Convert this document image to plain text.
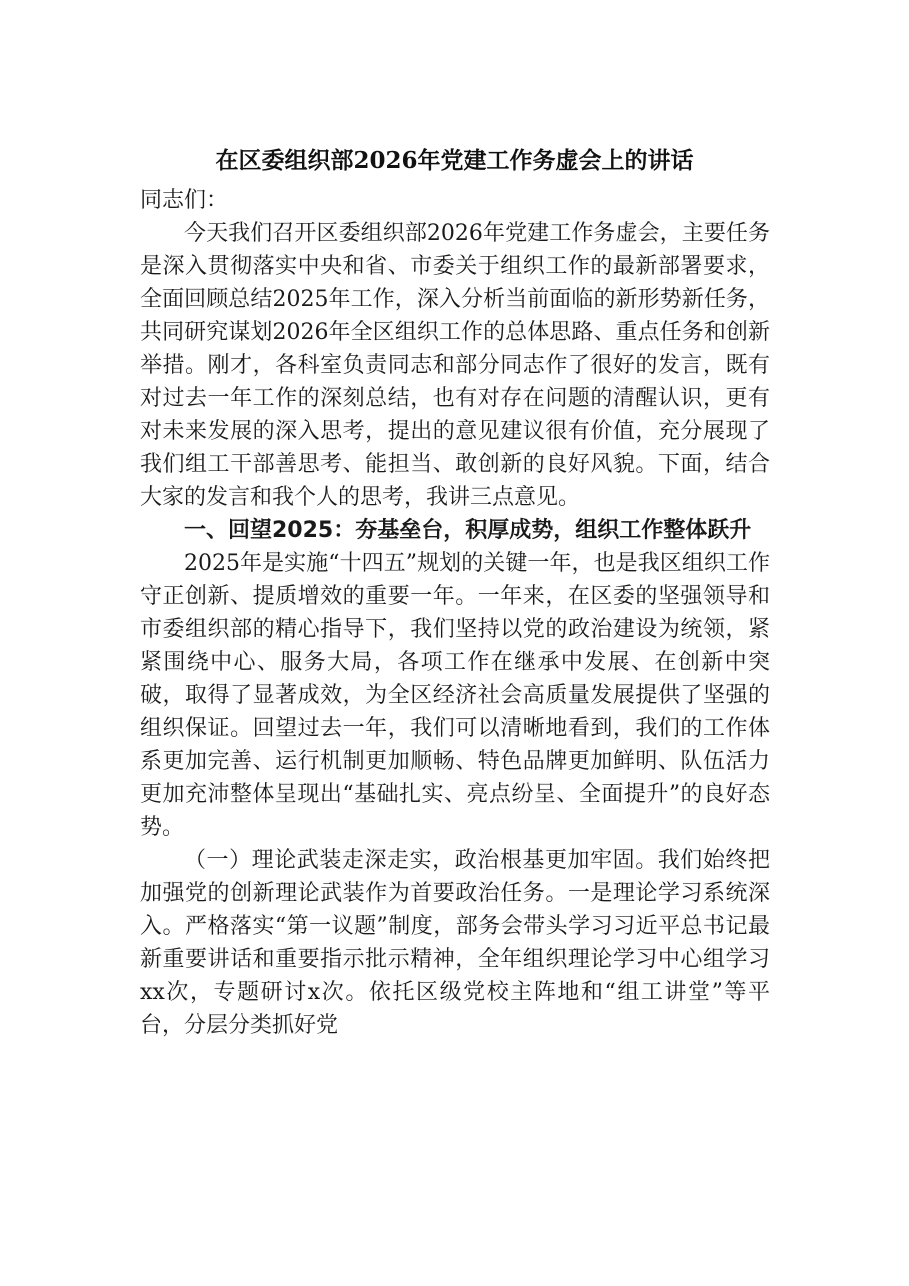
在区委组织部2026年党建工作务虚会上的讲话

同志们：

今天我们召开区委组织部2026年党建工作务虚会，主要任务是深入贯彻落实中央和省、市委关于组织工作的最新部署要求，全面回顾总结2025年工作，深入分析当前面临的新形势新任务，共同研究谋划2026年全区组织工作的总体思路、重点任务和创新举措。刚才，各科室负责同志和部分同志作了很好的发言，既有对过去一年工作的深刻总结，也有对存在问题的清醒认识，更有对未来发展的深入思考，提出的意见建议很有价值，充分展现了我们组工干部善思考、能担当、敢创新的良好风貌。下面，结合大家的发言和我个人的思考，我讲三点意见。

一、回望2025：夯基垒台，积厚成势，组织工作整体跃升

2025年是实施“十四五”规划的关键一年，也是我区组织工作守正创新、提质增效的重要一年。一年来，在区委的坚强领导和市委组织部的精心指导下，我们坚持以党的政治建设为统领，紧紧围绕中心、服务大局，各项工作在继承中发展、在创新中突破，取得了显著成效，为全区经济社会高质量发展提供了坚强的组织保证。回望过去一年，我们可以清晰地看到，我们的工作体系更加完善、运行机制更加顺畅、特色品牌更加鲜明、队伍活力更加充沛整体呈现出“基础扎实、亮点纷呈、全面提升”的良好态势。

（一）理论武装走深走实，政治根基更加牢固。我们始终把加强党的创新理论武装作为首要政治任务。一是理论学习系统深入。严格落实“第一议题”制度，部务会带头学习习近平总书记最新重要讲话和重要指示批示精神，全年组织理论学习中心组学习xx次，专题研讨x次。依托区级党校主阵地和“组工讲堂”等平台，分层分类抓好党
